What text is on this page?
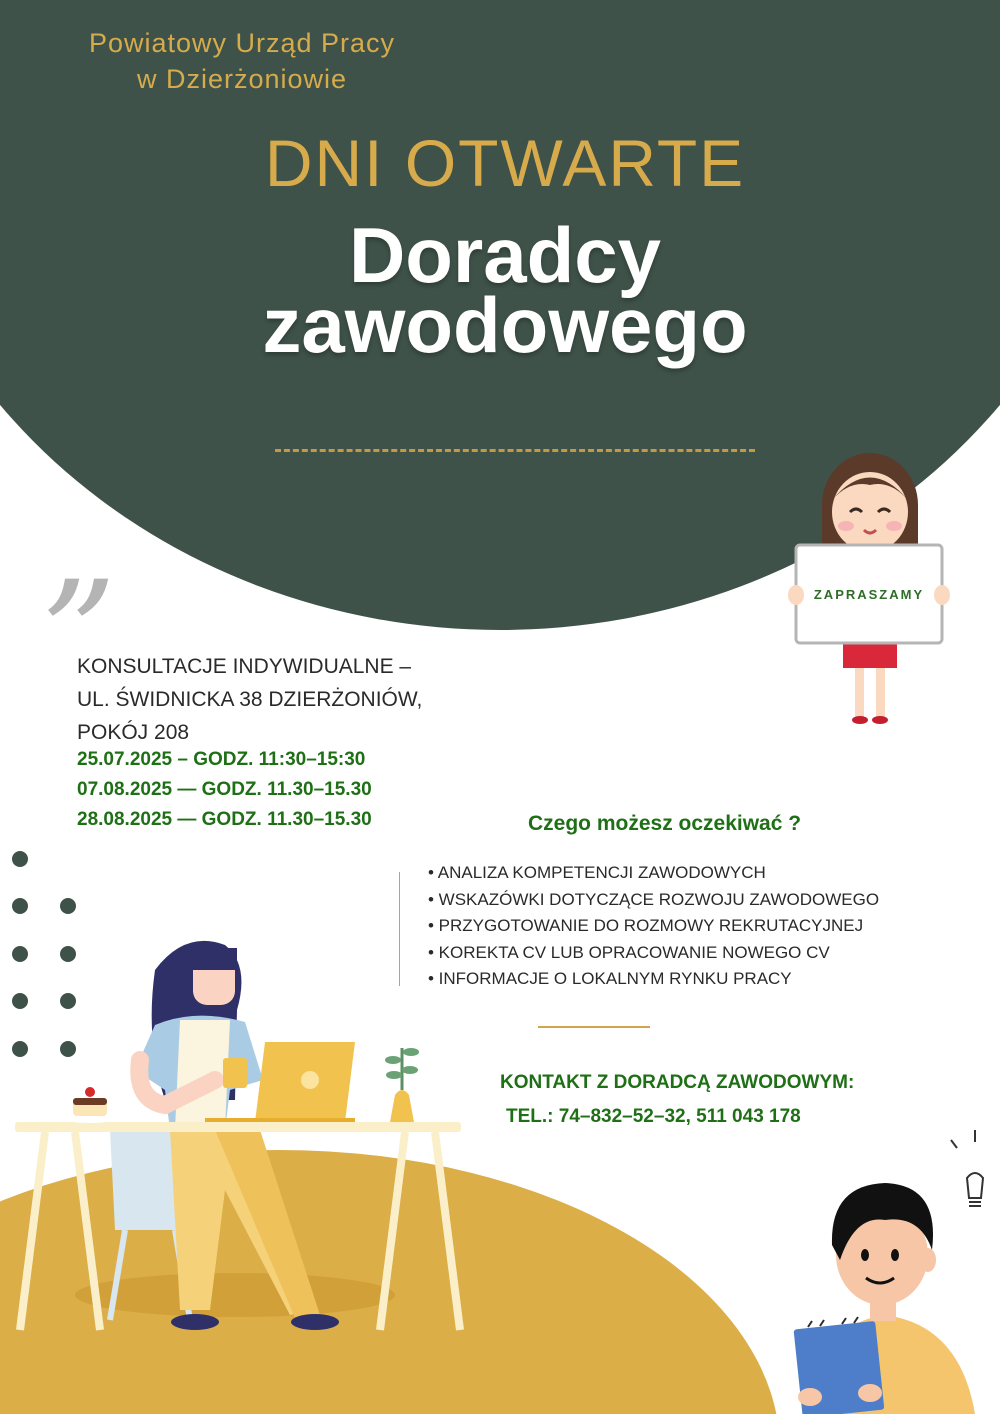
Powiatowy Urząd Pracy
w Dzierżoniowie
DNI OTWARTE
Doradcy
zawodowego
ZAPRASZAMY
”
KONSULTACJE INDYWIDUALNE –
UL. ŚWIDNICKA 38 DZIERŻONIÓW,
POKÓJ 208
25.07.2025 – GODZ. 11:30–15:30
07.08.2025 — GODZ. 11.30–15.30
28.08.2025 — GODZ. 11.30–15.30	Czego możesz oczekiwać ?
• ANALIZA KOMPETENCJI ZAWODOWYCH
• WSKAZÓWKI DOTYCZĄCE ROZWOJU ZAWODOWEGO
• PRZYGOTOWANIE DO ROZMOWY REKRUTACYJNEJ
• KOREKTA CV LUB OPRACOWANIE NOWEGO CV
• INFORMACJE O LOKALNYM RYNKU PRACY
KONTAKT Z DORADCĄ ZAWODOWYM:
TEL.: 74–832–52–32, 511 043 178
